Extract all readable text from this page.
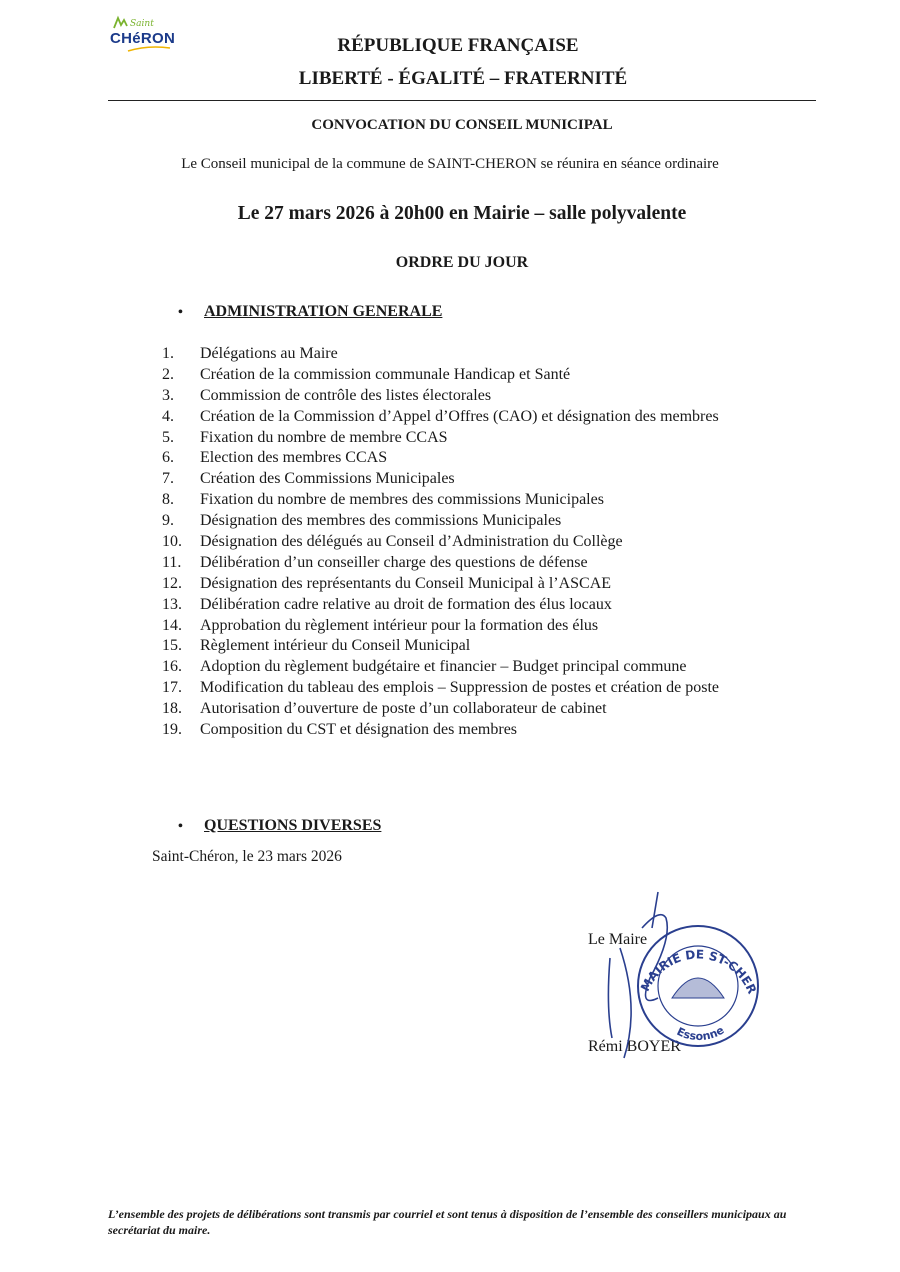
Saint
CHéRON	RÉPUBLIQUE FRANÇAISE
LIBERTÉ - ÉGALITÉ – FRATERNITÉ
CONVOCATION DU CONSEIL MUNICIPAL
Le Conseil municipal de la commune de SAINT-CHERON se réunira en séance ordinaire
Le 27 mars 2026 à 20h00 en Mairie – salle polyvalente
ORDRE DU JOUR
• ADMINISTRATION GENERALE
1. Délégations au Maire
2. Création de la commission communale Handicap et Santé
3. Commission de contrôle des listes électorales
4. Création de la Commission d’Appel d’Offres (CAO) et désignation des membres
5. Fixation du nombre de membre CCAS
6. Election des membres CCAS
7. Création des Commissions Municipales
8. Fixation du nombre de membres des commissions Municipales
9. Désignation des membres des commissions Municipales
10. Désignation des délégués au Conseil d’Administration du Collège
11. Délibération d’un conseiller charge des questions de défense
12. Désignation des représentants du Conseil Municipal à l’ASCAE
13. Délibération cadre relative au droit de formation des élus locaux
14. Approbation du règlement intérieur pour la formation des élus
15. Règlement intérieur du Conseil Municipal
16. Adoption du règlement budgétaire et financier – Budget principal commune
17. Modification du tableau des emplois – Suppression de postes et création de poste
18. Autorisation d’ouverture de poste d’un collaborateur de cabinet
19. Composition du CST et désignation des membres
• QUESTIONS DIVERSES
Saint-Chéron, le 23 mars 2026
Le Maire
Rémi BOYER
MAIRIE DE ST-CHER
Essonne
L’ensemble des projets de délibérations sont transmis par courriel et sont tenus à disposition de l’ensemble des conseillers municipaux au secrétariat du maire.
